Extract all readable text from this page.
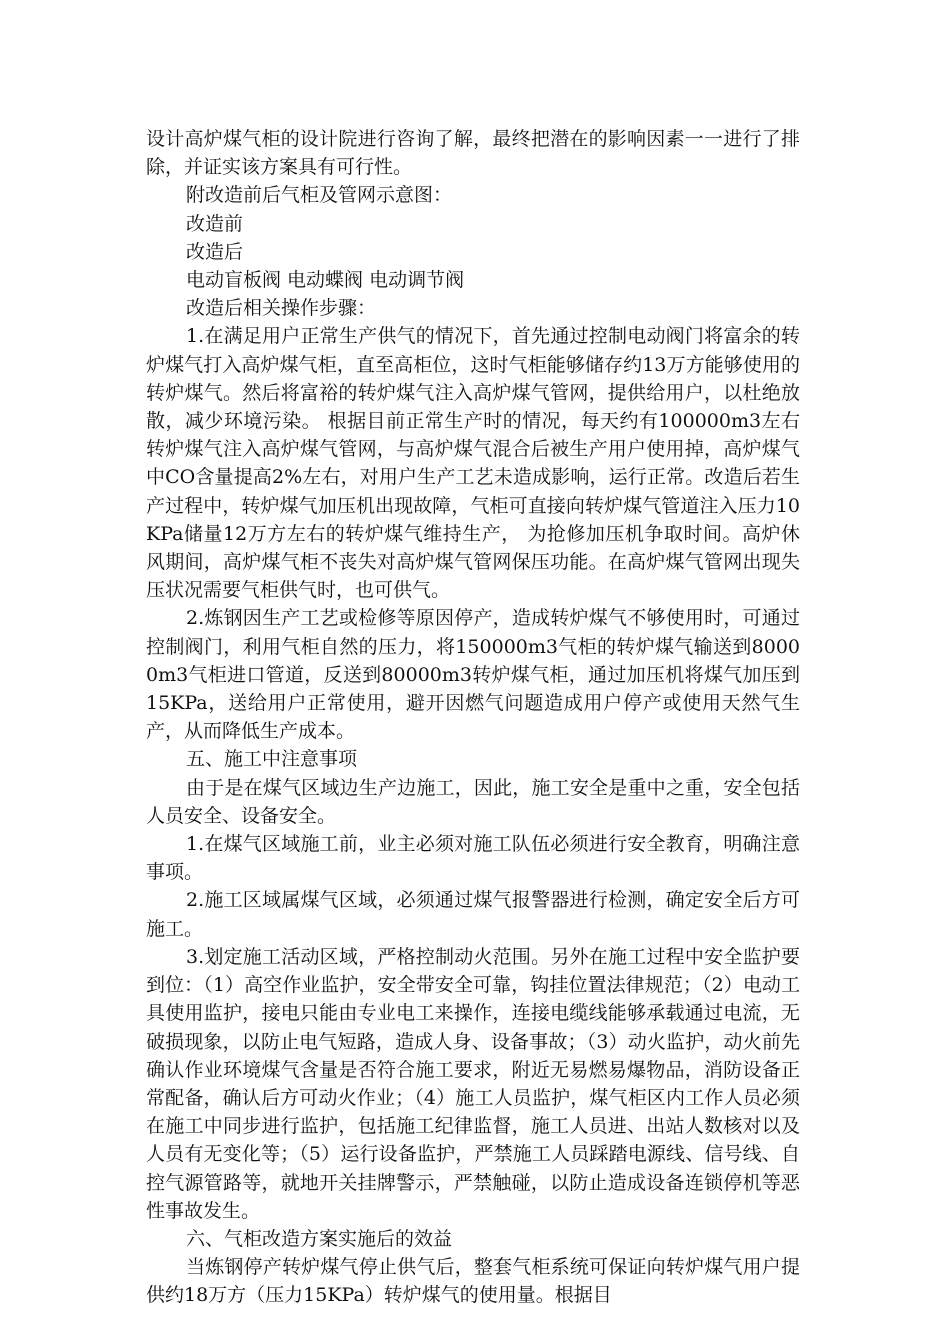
设计高炉煤气柜的设计院进行咨询了解，最终把潜在的影响因素一一进行了排除，并证实该方案具有可行性。

附改造前后气柜及管网示意图：

改造前

改造后

电动盲板阀 电动蝶阀 电动调节阀

改造后相关操作步骤：

1.在满足用户正常生产供气的情况下，首先通过控制电动阀门将富余的转炉煤气打入高炉煤气柜，直至高柜位，这时气柜能够储存约13万方能够使用的转炉煤气。然后将富裕的转炉煤气注入高炉煤气管网，提供给用户，以杜绝放散，减少环境污染。 根据目前正常生产时的情况，每天约有100000m3左右转炉煤气注入高炉煤气管网，与高炉煤气混合后被生产用户使用掉，高炉煤气中CO含量提高2%左右，对用户生产工艺未造成影响，运行正常。改造后若生产过程中，转炉煤气加压机出现故障，气柜可直接向转炉煤气管道注入压力10KPa储量12万方左右的转炉煤气维持生产， 为抢修加压机争取时间。高炉休风期间，高炉煤气柜不丧失对高炉煤气管网保压功能。在高炉煤气管网出现失压状况需要气柜供气时，也可供气。

2.炼钢因生产工艺或检修等原因停产，造成转炉煤气不够使用时，可通过控制阀门，利用气柜自然的压力，将150000m3气柜的转炉煤气输送到80000m3气柜进口管道，反送到80000m3转炉煤气柜，通过加压机将煤气加压到15KPa，送给用户正常使用，避开因燃气问题造成用户停产或使用天然气生产，从而降低生产成本。

五、施工中注意事项

由于是在煤气区域边生产边施工，因此，施工安全是重中之重，安全包括人员安全、设备安全。

1.在煤气区域施工前，业主必须对施工队伍必须进行安全教育，明确注意事项。

2.施工区域属煤气区域，必须通过煤气报警器进行检测，确定安全后方可施工。

3.划定施工活动区域，严格控制动火范围。另外在施工过程中安全监护要到位：（1）高空作业监护，安全带安全可靠，钩挂位置法律规范；（2）电动工具使用监护，接电只能由专业电工来操作，连接电缆线能够承载通过电流，无破损现象，以防止电气短路，造成人身、设备事故；（3）动火监护，动火前先确认作业环境煤气含量是否符合施工要求，附近无易燃易爆物品，消防设备正常配备，确认后方可动火作业；（4）施工人员监护，煤气柜区内工作人员必须在施工中同步进行监护，包括施工纪律监督，施工人员进、出站人数核对以及人员有无变化等；（5）运行设备监护，严禁施工人员踩踏电源线、信号线、自控气源管路等，就地开关挂牌警示，严禁触碰，以防止造成设备连锁停机等恶性事故发生。

六、气柜改造方案实施后的效益

当炼钢停产转炉煤气停止供气后，整套气柜系统可保证向转炉煤气用户提供约18万方（压力15KPa）转炉煤气的使用量。根据目
